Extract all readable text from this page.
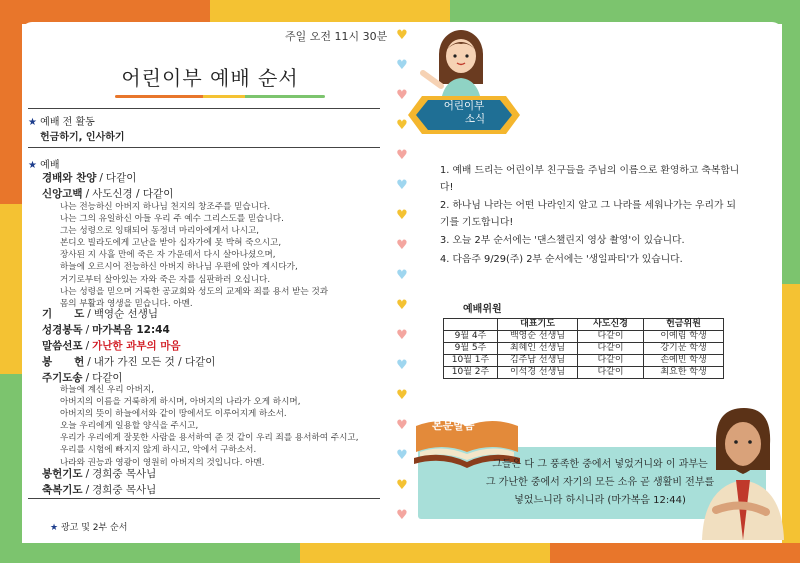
♥
♥
♥
♥
♥
♥
♥
♥
♥
♥
♥
♥
♥
♥
♥
♥
♥
주일 오전 11시 30분
어린이부 예배 순서
★ 예배 전 활동
헌금하기, 인사하기
★ 예배
경배와 찬양 / 다같이
신앙고백 / 사도신경 / 다같이
나는 전능하신 아버지 하나님 천지의 창조주를 믿습니다.
나는 그의 유일하신 아들 우리 주 예수 그리스도를 믿습니다.
그는 성령으로 잉태되어 동정녀 마리아에게서 나시고,
본디오 빌라도에게 고난을 받아 십자가에 못 박혀 죽으시고,
장사된 지 사흘 만에 죽은 자 가운데서 다시 살아나셨으며,
하늘에 오르시어 전능하신 아버지 하나님 우편에 앉아 계시다가,
거기로부터 살아있는 자와 죽은 자를 심판하러 오십니다.
나는 성령을 믿으며 거룩한 공교회와 성도의 교제와 죄를 용서 받는 것과
몸의 부활과 영생을 믿습니다. 아멘.
기      도 / 백영순 선생님
성경봉독 / 마가복음 12:44
말씀선포 / 가난한 과부의 마음
봉      헌 / 내가 가진 모든 것 / 다같이
주기도송 / 다같이
하늘에 계신 우리 아버지,
아버지의 이름을 거룩하게 하시며, 아버지의 나라가 오게 하시며,
아버지의 뜻이 하늘에서와 같이 땅에서도 이루어지게 하소서.
오늘 우리에게 일용할 양식을 주시고,
우리가 우리에게 잘못한 사람을 용서하여 준 것 같이 우리 죄를 용서하여 주시고,
우리를 시험에 빠지지 않게 하시고, 악에서 구하소서.
나라와 권능과 영광이 영원히 아버지의 것입니다. 아멘.
봉헌기도 / 경희중 목사님
축복기도 / 경희중 목사님
★ 광고 및 2부 순서
어린이부
소식

1. 예배 드리는 어린이부 친구들을 주님의 이름으로 환영하고 축복합니다!

2. 하나님 나라는 어떤 나라인지 알고 그 나라를 세워나가는 우리가 되기를 기도합니다!

3. 오늘 2부 순서에는 '댄스챌린지 영상 촬영'이 있습니다.

4. 다음주 9/29(주) 2부 순서에는 '생일파티'가 있습니다.

예배위원
	대표기도	사도신경	헌금위원
9월 4주	백영순 선생님	다같이	이예림 학생
9월 5주	최혜인 선생님	다같이	강기문 학생
10월 1주	김주남 선생님	다같이	손예빈 학생
10월 2주	이석경 선생님	다같이	최요한 학생
본문말씀
그들은 다 그 풍족한 중에서 넣었거니와 이 과부는
그 가난한 중에서 자기의 모든 소유 곧 생활비 전부를
넣었느니라 하시니라 (마가복음 12:44)
